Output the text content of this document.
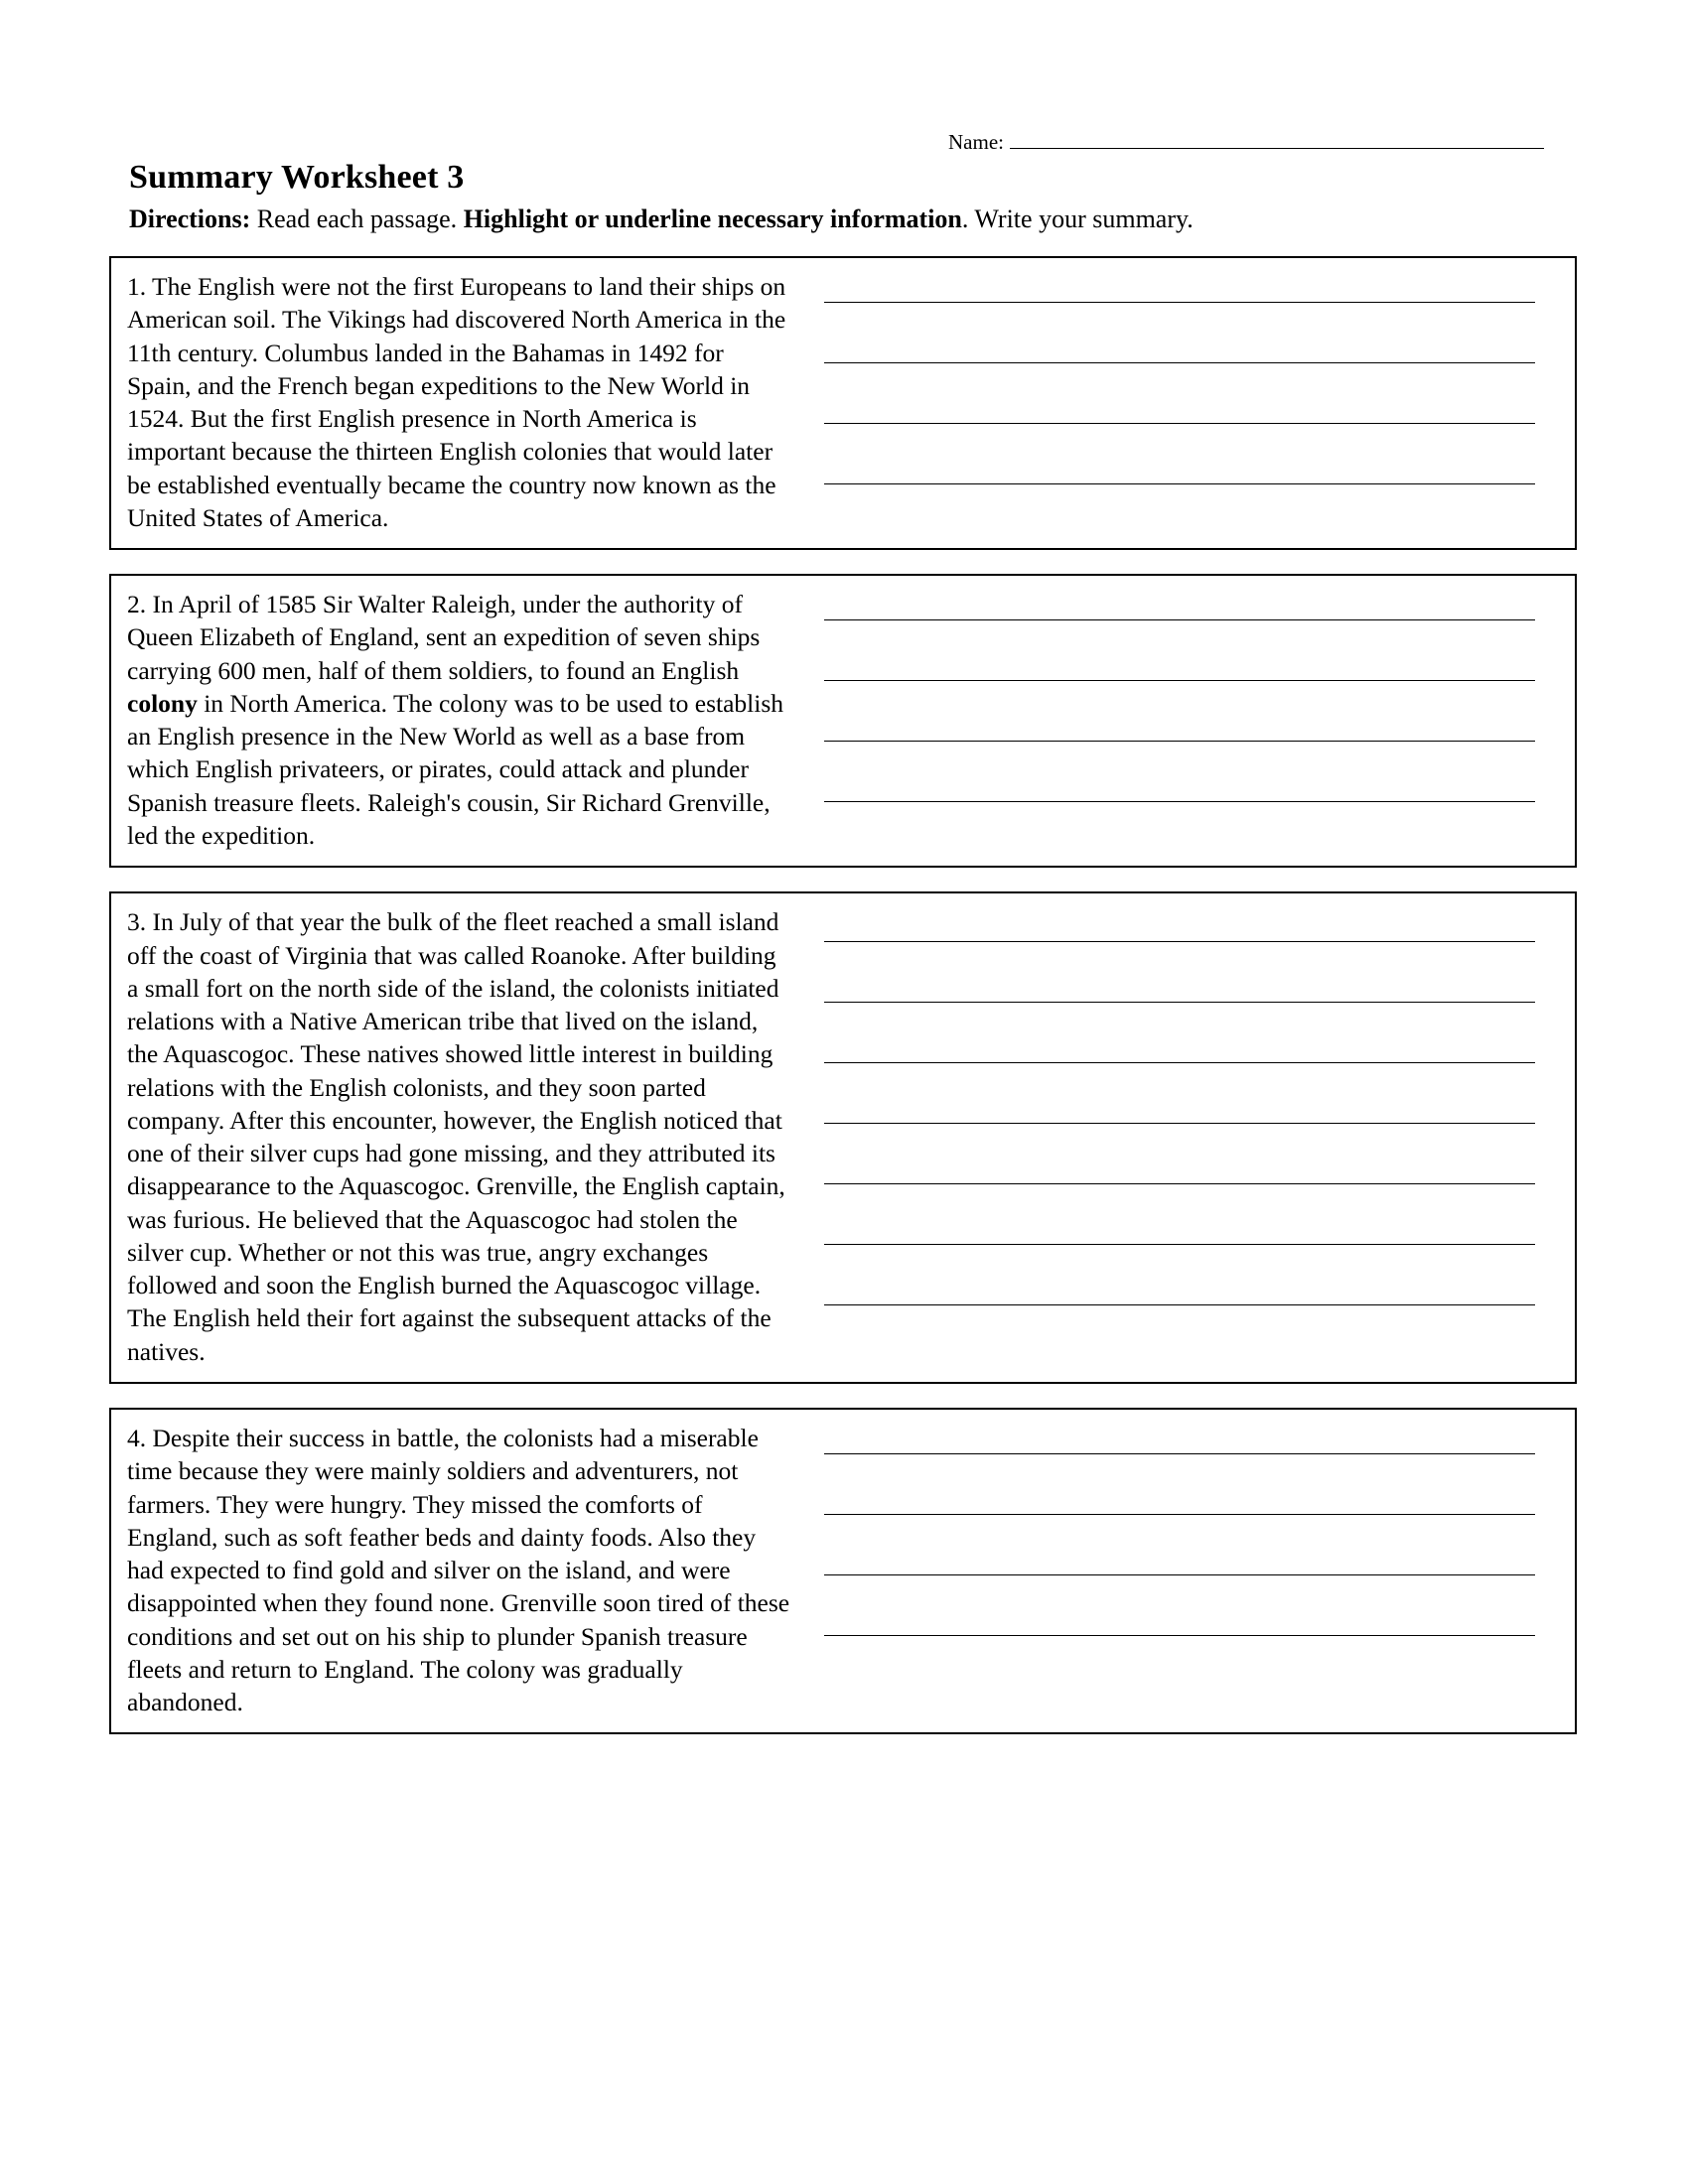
Name:
Summary Worksheet 3
Directions: Read each passage. Highlight or underline necessary information. Write your summary.
1. The English were not the first Europeans to land their ships on American soil. The Vikings had discovered North America in the 11th century. Columbus landed in the Bahamas in 1492 for Spain, and the French began expeditions to the New World in 1524. But the first English presence in North America is important because the thirteen English colonies that would later be established eventually became the country now known as the United States of America.
2. In April of 1585 Sir Walter Raleigh, under the authority of Queen Elizabeth of England, sent an expedition of seven ships carrying 600 men, half of them soldiers, to found an English colony in North America. The colony was to be used to establish an English presence in the New World as well as a base from which English privateers, or pirates, could attack and plunder Spanish treasure fleets. Raleigh's cousin, Sir Richard Grenville, led the expedition.
3. In July of that year the bulk of the fleet reached a small island off the coast of Virginia that was called Roanoke. After building a small fort on the north side of the island, the colonists initiated relations with a Native American tribe that lived on the island, the Aquascogoc. These natives showed little interest in building relations with the English colonists, and they soon parted company. After this encounter, however, the English noticed that one of their silver cups had gone missing, and they attributed its disappearance to the Aquascogoc. Grenville, the English captain, was furious. He believed that the Aquascogoc had stolen the silver cup. Whether or not this was true, angry exchanges followed and soon the English burned the Aquascogoc village. The English held their fort against the subsequent attacks of the natives.
4. Despite their success in battle, the colonists had a miserable time because they were mainly soldiers and adventurers, not farmers. They were hungry. They missed the comforts of England, such as soft feather beds and dainty foods. Also they had expected to find gold and silver on the island, and were disappointed when they found none. Grenville soon tired of these conditions and set out on his ship to plunder Spanish treasure fleets and return to England. The colony was gradually abandoned.
